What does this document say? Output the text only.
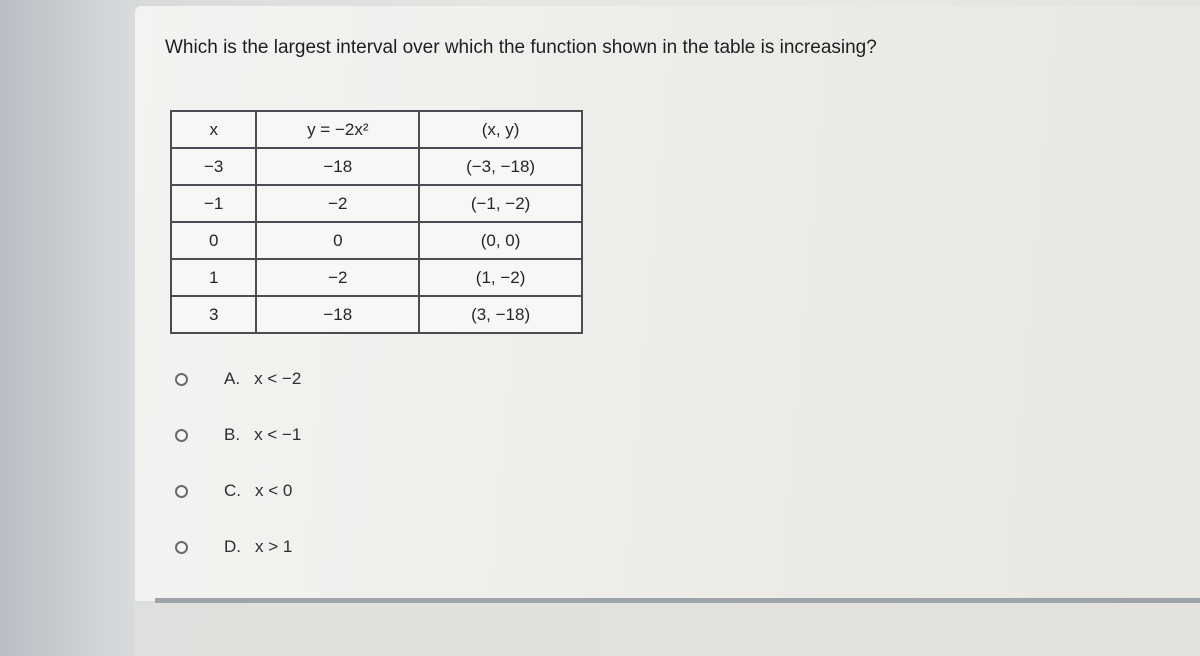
Which is the largest interval over which the function shown in the table is increasing?
x	y = −2x²	(x, y)
−3	−18	(−3, −18)
−1	−2	(−1, −2)
0	0	(0, 0)
1	−2	(1, −2)
3	−18	(3, −18)
A. x < −2
B. x < −1
C. x < 0
D. x > 1
